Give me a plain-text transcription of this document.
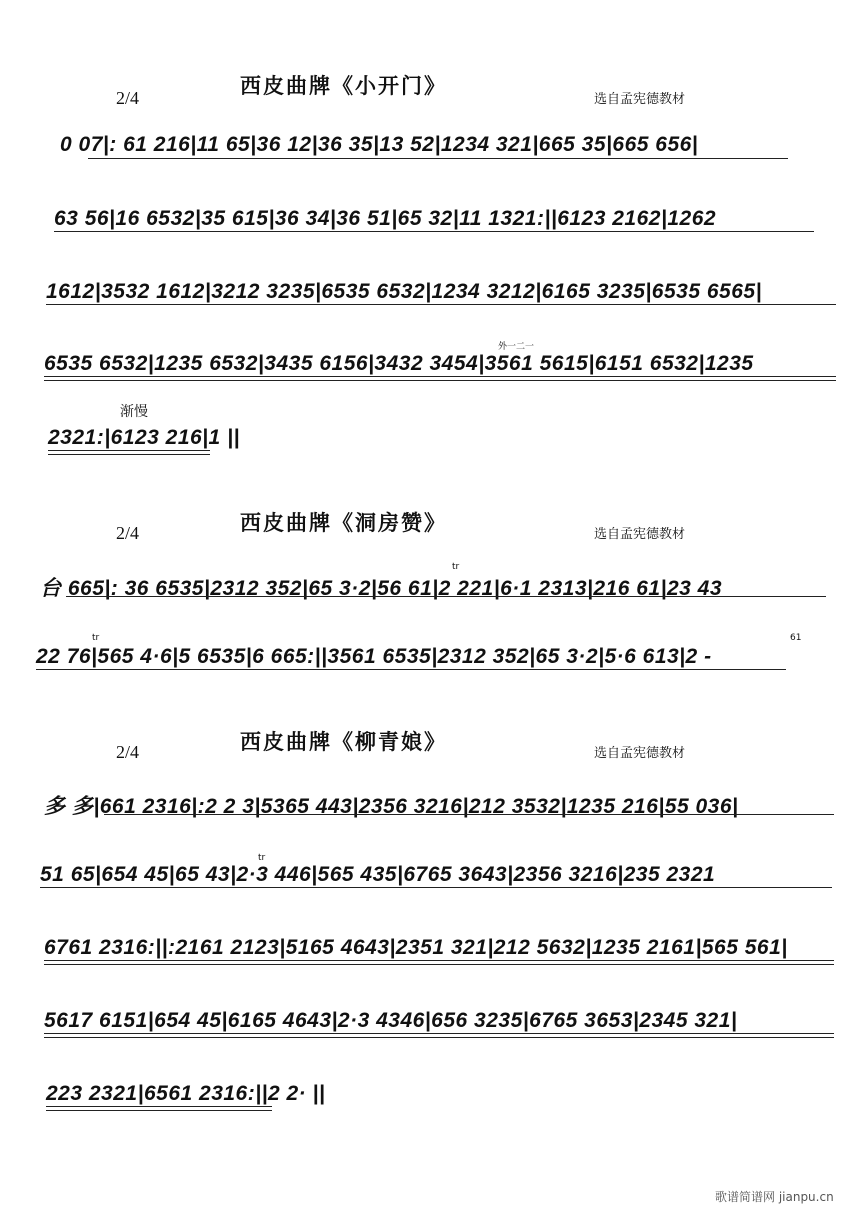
西皮曲牌《小开门》
2/4	选自孟宪德教材
0 07|: 61 216|11 65|36 12|36 35|13 52|1234 321|665 35|665 656|
63 56|16 6532|35 615|36 34|36 51|65 32|11 1321:||6123 2162|1262
1612|3532 1612|3212 3235|6535 6532|1234 3212|6165 3235|6535 6565|
外一二一
6535 6532|1235 6532|3435 6156|3432 3454|3561 5615|6151 6532|1235
渐慢
2321:|6123 216|1 ||
西皮曲牌《洞房赞》
2/4	选自孟宪德教材
tr
台 665|: 36 6535|2312 352|65 3·2|56 61|2 221|6·1 2313|216 61|23 43
tr	61
22 76|565 4·6|5 6535|6 665:||3561 6535|2312 352|65 3·2|5·6 613|2 -
西皮曲牌《柳青娘》
2/4	选自孟宪德教材
多 多|661 2316|:2 2 3|5365 443|2356 3216|212 3532|1235 216|55 036|
tr
51 65|654 45|65 43|2·3 446|565 435|6765 3643|2356 3216|235 2321
6761 2316:||:2161 2123|5165 4643|2351 321|212 5632|1235 2161|565 561|
5617 6151|654 45|6165 4643|2·3 4346|656 3235|6765 3653|2345 321|
223 2321|6561 2316:||2 2· ||
歌谱简谱网 jianpu.cn
